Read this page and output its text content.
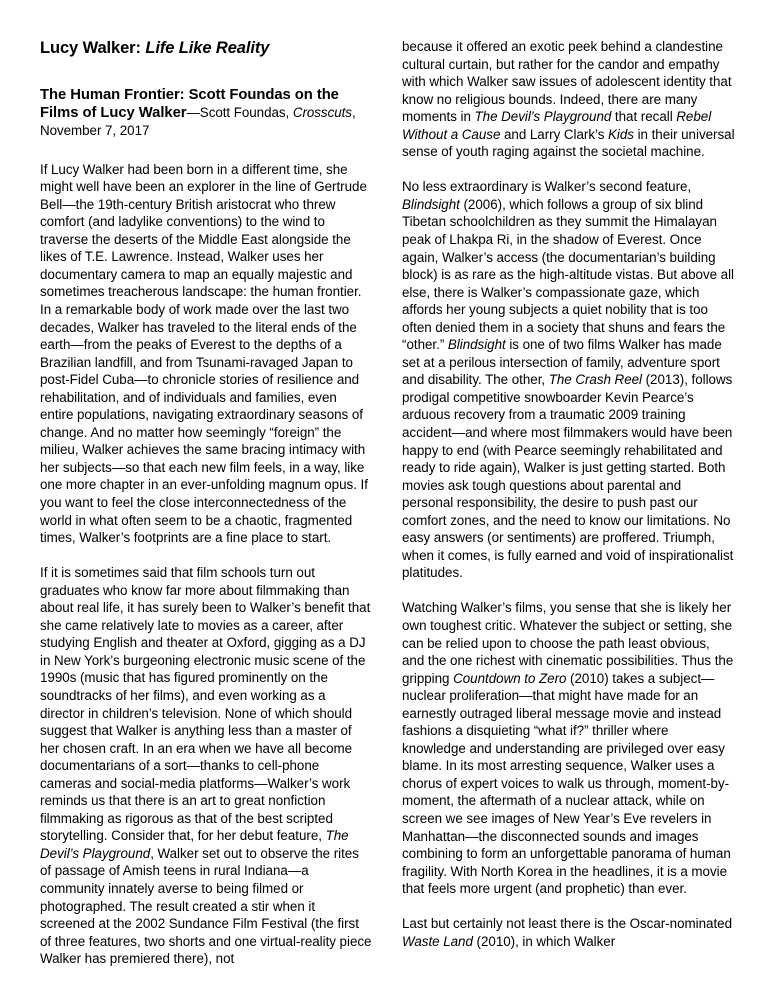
Lucy Walker: Life Like Reality
The Human Frontier: Scott Foundas on the Films of Lucy Walker—Scott Foundas, Crosscuts, November 7, 2017

If Lucy Walker had been born in a different time, she might well have been an explorer in the line of Gertrude Bell—the 19th-century British aristocrat who threw comfort (and ladylike conventions) to the wind to traverse the deserts of the Middle East alongside the likes of T.E. Lawrence. Instead, Walker uses her documentary camera to map an equally majestic and sometimes treacherous landscape: the human frontier. In a remarkable body of work made over the last two decades, Walker has traveled to the literal ends of the earth—from the peaks of Everest to the depths of a Brazilian landfill, and from Tsunami-ravaged Japan to post-Fidel Cuba—to chronicle stories of resilience and rehabilitation, and of individuals and families, even entire populations, navigating extraordinary seasons of change. And no matter how seemingly “foreign” the milieu, Walker achieves the same bracing intimacy with her subjects—so that each new film feels, in a way, like one more chapter in an ever-unfolding magnum opus. If you want to feel the close interconnectedness of the world in what often seem to be a chaotic, fragmented times, Walker’s footprints are a fine place to start.

If it is sometimes said that film schools turn out graduates who know far more about filmmaking than about real life, it has surely been to Walker’s benefit that she came relatively late to movies as a career, after studying English and theater at Oxford, gigging as a DJ in New York’s burgeoning electronic music scene of the 1990s (music that has figured prominently on the soundtracks of her films), and even working as a director in children’s television. None of which should suggest that Walker is anything less than a master of her chosen craft. In an era when we have all become documentarians of a sort—thanks to cell-phone cameras and social-media platforms—Walker’s work reminds us that there is an art to great nonfiction filmmaking as rigorous as that of the best scripted storytelling. Consider that, for her debut feature, The Devil’s Playground, Walker set out to observe the rites of passage of Amish teens in rural Indiana—a community innately averse to being filmed or photographed. The result created a stir when it screened at the 2002 Sundance Film Festival (the first of three features, two shorts and one virtual-reality piece Walker has premiered there), not

because it offered an exotic peek behind a clandestine cultural curtain, but rather for the candor and empathy with which Walker saw issues of adolescent identity that know no religious bounds. Indeed, there are many moments in The Devil’s Playground that recall Rebel Without a Cause and Larry Clark’s Kids in their universal sense of youth raging against the societal machine.

No less extraordinary is Walker’s second feature, Blindsight (2006), which follows a group of six blind Tibetan schoolchildren as they summit the Himalayan peak of Lhakpa Ri, in the shadow of Everest. Once again, Walker’s access (the documentarian’s building block) is as rare as the high-altitude vistas. But above all else, there is Walker’s compassionate gaze, which affords her young subjects a quiet nobility that is too often denied them in a society that shuns and fears the “other.” Blindsight is one of two films Walker has made set at a perilous intersection of family, adventure sport and disability. The other, The Crash Reel (2013), follows prodigal competitive snowboarder Kevin Pearce’s arduous recovery from a traumatic 2009 training accident—and where most filmmakers would have been happy to end (with Pearce seemingly rehabilitated and ready to ride again), Walker is just getting started. Both movies ask tough questions about parental and personal responsibility, the desire to push past our comfort zones, and the need to know our limitations. No easy answers (or sentiments) are proffered. Triumph, when it comes, is fully earned and void of inspirationalist platitudes.

Watching Walker’s films, you sense that she is likely her own toughest critic. Whatever the subject or setting, she can be relied upon to choose the path least obvious, and the one richest with cinematic possibilities. Thus the gripping Countdown to Zero (2010) takes a subject—nuclear proliferation—that might have made for an earnestly outraged liberal message movie and instead fashions a disquieting “what if?” thriller where knowledge and understanding are privileged over easy blame. In its most arresting sequence, Walker uses a chorus of expert voices to walk us through, moment-by-moment, the aftermath of a nuclear attack, while on screen we see images of New Year’s Eve revelers in Manhattan—the disconnected sounds and images combining to form an unforgettable panorama of human fragility. With North Korea in the headlines, it is a movie that feels more urgent (and prophetic) than ever.

Last but certainly not least there is the Oscar-nominated Waste Land (2010), in which Walker
